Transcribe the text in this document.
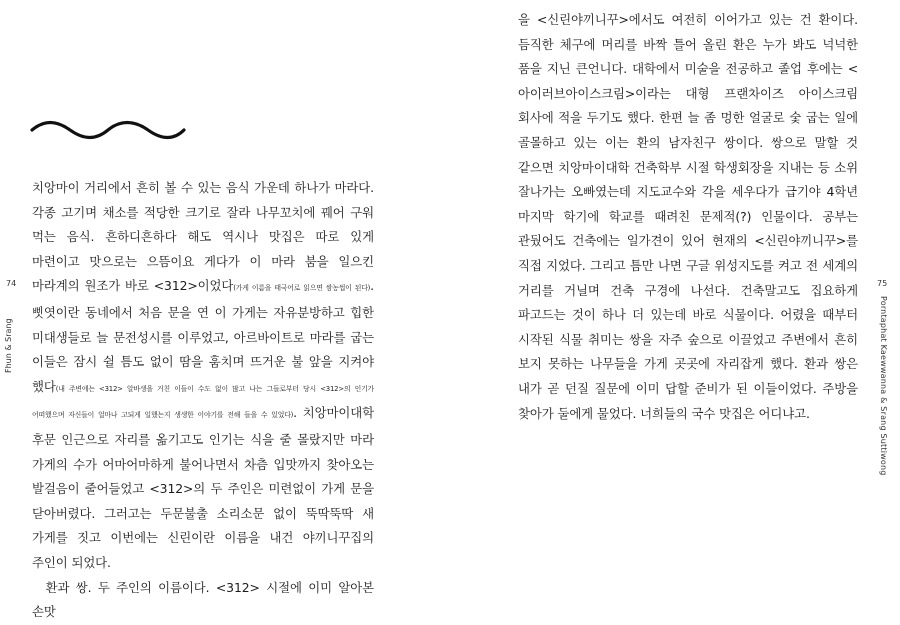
치앙마이 거리에서 흔히 볼 수 있는 음식 가운데 하나가 마라다. 각종 고기며 채소를 적당한 크기로 잘라 나무꼬치에 꿰어 구워 먹는 음식. 흔하디흔하다 해도 역시나 맛집은 따로 있게 마련이고 맛으로는 으뜸이요 게다가 이 마라 붐을 일으킨 마라계의 원조가 바로 <312>이었다(가게 이름을 태국어로 읽으면 쌈농썹이 된다). 삣엿이란 동네에서 처음 문을 연 이 가게는 자유분방하고 힙한 미대생들로 늘 문전성시를 이루었고, 아르바이트로 마라를 굽는 이들은 잠시 쉴 틈도 없이 땀을 훔치며 뜨거운 불 앞을 지켜야 했다(내 주변에는 <312> 알바생을 거친 이들이 수도 없이 많고 나는 그들로부터 당시 <312>의 인기가 어떠했으며 자신들이 얼마나 고되게 일했는지 생생한 이야기를 전해 들을 수 있었다). 치앙마이대학 후문 인근으로 자리를 옮기고도 인기는 식을 줄 몰랐지만 마라 가게의 수가 어마어마하게 불어나면서 차츰 입맛까지 찾아오는 발걸음이 줄어들었고 <312>의 두 주인은 미련없이 가게 문을 닫아버렸다. 그러고는 두문불출 소리소문 없이 뚝딱뚝딱 새 가게를 짓고 이번에는 신린이란 이름을 내건 야끼니꾸집의 주인이 되었다.

환과 쌍. 두 주인의 이름이다. <312> 시절에 이미 알아본 손맛

74
Fhun & Srang

을 <신린야끼니꾸>에서도 여전히 이어가고 있는 건 환이다. 듬직한 체구에 머리를 바짝 틀어 올린 환은 누가 봐도 넉넉한 품을 지닌 큰언니다. 대학에서 미술을 전공하고 졸업 후에는 <아이러브아이스크림>이라는 대형 프랜차이즈 아이스크림 회사에 적을 두기도 했다. 한편 늘 좀 멍한 얼굴로 숯 굽는 일에 골몰하고 있는 이는 환의 남자친구 쌍이다. 쌍으로 말할 것 같으면 치앙마이대학 건축학부 시절 학생회장을 지내는 등 소위 잘나가는 오빠였는데 지도교수와 각을 세우다가 급기야 4학년 마지막 학기에 학교를 때려친 문제적(?) 인물이다. 공부는 관뒀어도 건축에는 일가견이 있어 현재의 <신린야끼니꾸>를 직접 지었다. 그리고 틈만 나면 구글 위성지도를 켜고 전 세계의 거리를 거닐며 건축 구경에 나선다. 건축말고도 집요하게 파고드는 것이 하나 더 있는데 바로 식물이다. 어렸을 때부터 시작된 식물 취미는 쌍을 자주 숲으로 이끌었고 주변에서 흔히 보지 못하는 나무들을 가게 곳곳에 자리잡게 했다. 환과 쌍은 내가 곧 던질 질문에 이미 답할 준비가 된 이들이었다. 주방을 찾아가 둘에게 물었다. 너희들의 국수 맛집은 어디냐고.

75
Porntaphat Kaewwanna & Srang Suttiwong
